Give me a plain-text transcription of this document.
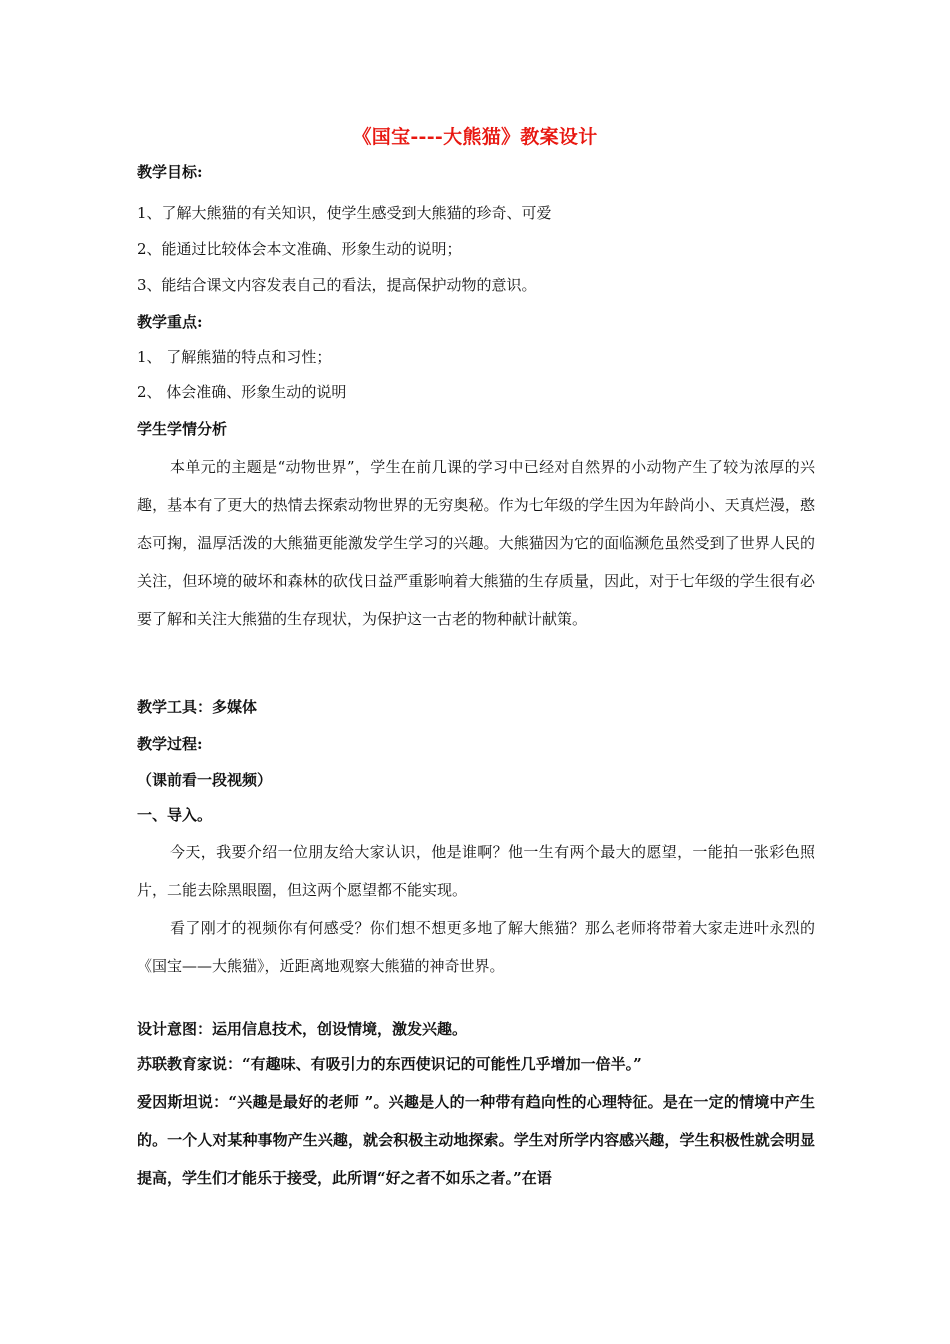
《国宝----大熊猫》教案设计
教学目标:
1、了解大熊猫的有关知识，使学生感受到大熊猫的珍奇、可爱
2、能通过比较体会本文准确、形象生动的说明；
3、能结合课文内容发表自己的看法，提高保护动物的意识。
教学重点:
1、 了解熊猫的特点和习性；
2、 体会准确、形象生动的说明
学生学情分析

本单元的主题是“动物世界”，学生在前几课的学习中已经对自然界的小动物产生了较为浓厚的兴趣，基本有了更大的热情去探索动物世界的无穷奥秘。作为七年级的学生因为年龄尚小、天真烂漫，憨态可掬，温厚活泼的大熊猫更能激发学生学习的兴趣。大熊猫因为它的面临濒危虽然受到了世界人民的关注，但环境的破坏和森林的砍伐日益严重影响着大熊猫的生存质量，因此，对于七年级的学生很有必要了解和关注大熊猫的生存现状，为保护这一古老的物种献计献策。

教学工具：多媒体
教学过程:
（课前看一段视频）
一、导入。

今天，我要介绍一位朋友给大家认识，他是谁啊？他一生有两个最大的愿望，一能拍一张彩色照片，二能去除黑眼圈，但这两个愿望都不能实现。

看了刚才的视频你有何感受？你们想不想更多地了解大熊猫？那么老师将带着大家走进叶永烈的《国宝——大熊猫》，近距离地观察大熊猫的神奇世界。

设计意图：运用信息技术，创设情境，激发兴趣。
苏联教育家说：“有趣味、有吸引力的东西使识记的可能性几乎增加一倍半。”

爱因斯坦说：“兴趣是最好的老师 ”。兴趣是人的一种带有趋向性的心理特征。是在一定的情境中产生的。一个人对某种事物产生兴趣，就会积极主动地探索。学生对所学内容感兴趣，学生积极性就会明显提高，学生们才能乐于接受，此所谓“好之者不如乐之者。”在语
